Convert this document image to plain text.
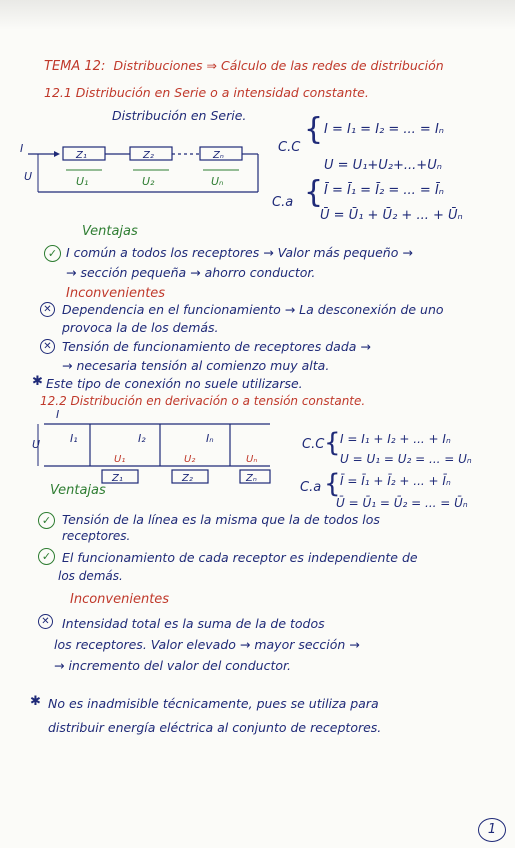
TEMA 12: Distribuciones ⇒ Cálculo de las redes de distribución
12.1 Distribución en Serie o a intensidad constante.
Distribución en Serie.
I
Z₁	Z₂	Zₙ
U	U₁	U₂	Uₙ
C.C
{ I = I₁ = I₂ = ... = Iₙ
U = U₁+U₂+...+Uₙ
C.a { Ī = Ī₁ = Ī₂ = ... = Īₙ
Ū = Ū₁ + Ū₂ + ... + Ūₙ
Ventajas
✓ I común a todos los receptores → Valor más pequeño →
→ sección pequeña → ahorro conductor.
Inconvenientes
✕ Dependencia en el funcionamiento → La desconexión de uno
provoca la de los demás.
✕ Tensión de funcionamiento de receptores dada →
→ necesaria tensión al comienzo muy alta.
✱ Este tipo de conexión no suele utilizarse.
12.2 Distribución en derivación o a tensión constante.
I
U	I₁	I₂	Iₙ
Z₁	Z₂	Zₙ
U₁	U₂	Uₙ
C.C { I = I₁ + I₂ + ... + Iₙ
U = U₁ = U₂ = ... = Uₙ
C.a { Ī = Ī₁ + Ī₂ + ... + Īₙ
Ū = Ū₁ = Ū₂ = ... = Ūₙ
Ventajas
✓ Tensión de la línea es la misma que la de todos los
receptores.
✓ El funcionamiento de cada receptor es independiente de
los demás.
Inconvenientes
✕ Intensidad total es la suma de la de todos
los receptores. Valor elevado → mayor sección →
→ incremento del valor del conductor.
✱ No es inadmisible técnicamente, pues se utiliza para
distribuir energía eléctrica al conjunto de receptores.
1
